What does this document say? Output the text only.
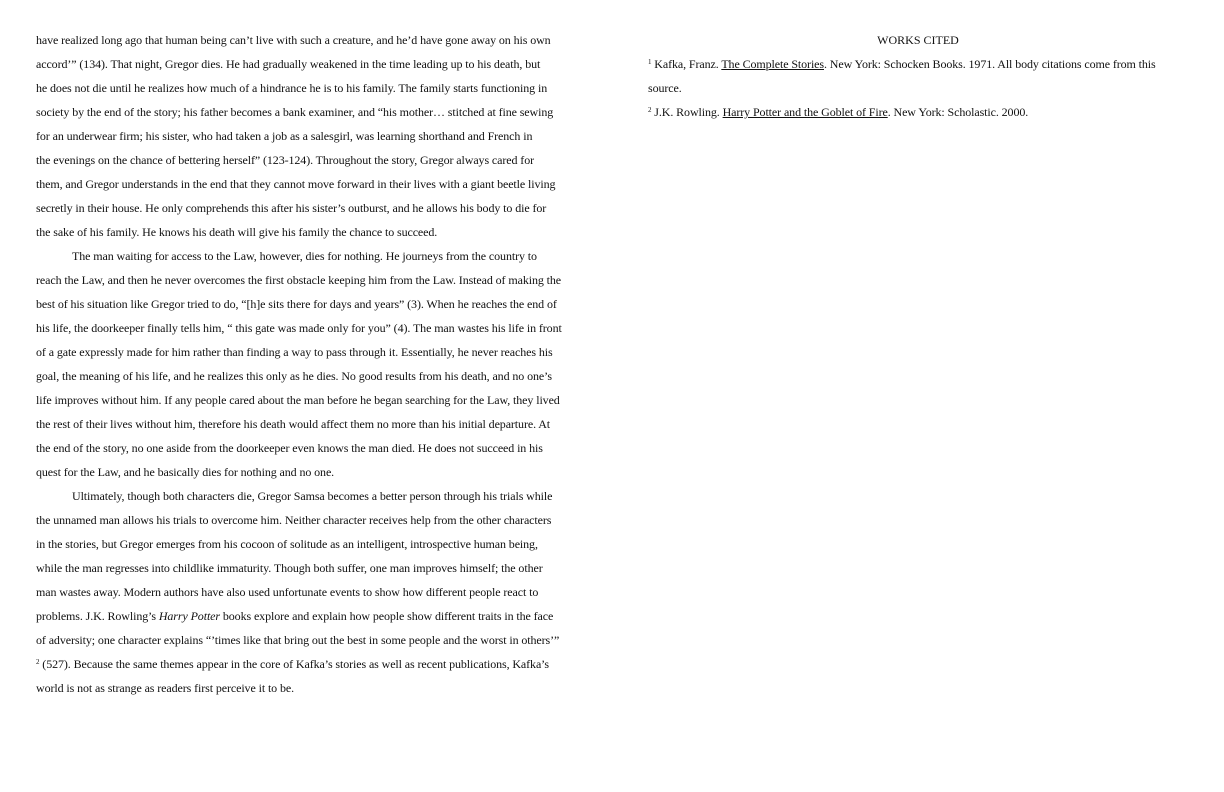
have realized long ago that human being can’t live with such a creature, and he’d have gone away on his own
accord’” (134). That night, Gregor dies. He had gradually weakened in the time leading up to his death, but
he does not die until he realizes how much of a hindrance he is to his family. The family starts functioning in
society by the end of the story; his father becomes a bank examiner, and “his mother… stitched at fine sewing
for an underwear firm; his sister, who had taken a job as a salesgirl, was learning shorthand and French in
the evenings on the chance of bettering herself” (123-124). Throughout the story, Gregor always cared for
them, and Gregor understands in the end that they cannot move forward in their lives with a giant beetle living
secretly in their house. He only comprehends this after his sister’s outburst, and he allows his body to die for
the sake of his family. He knows his death will give his family the chance to succeed.
The man waiting for access to the Law, however, dies for nothing. He journeys from the country to
reach the Law, and then he never overcomes the first obstacle keeping him from the Law. Instead of making the
best of his situation like Gregor tried to do, “[h]e sits there for days and years” (3). When he reaches the end of
his life, the doorkeeper finally tells him, “ this gate was made only for you” (4). The man wastes his life in front
of a gate expressly made for him rather than finding a way to pass through it. Essentially, he never reaches his
goal, the meaning of his life, and he realizes this only as he dies. No good results from his death, and no one’s
life improves without him. If any people cared about the man before he began searching for the Law, they lived
the rest of their lives without him, therefore his death would affect them no more than his initial departure. At
the end of the story, no one aside from the doorkeeper even knows the man died. He does not succeed in his
quest for the Law, and he basically dies for nothing and no one.
Ultimately, though both characters die, Gregor Samsa becomes a better person through his trials while
the unnamed man allows his trials to overcome him. Neither character receives help from the other characters
in the stories, but Gregor emerges from his cocoon of solitude as an intelligent, introspective human being,
while the man regresses into childlike immaturity. Though both suffer, one man improves himself; the other
man wastes away. Modern authors have also used unfortunate events to show how different people react to
problems. J.K. Rowling’s Harry Potter books explore and explain how people show different traits in the face
of adversity; one character explains “’times like that bring out the best in some people and the worst in others’”
$^2$ (527). Because the same themes appear in the core of Kafka’s stories as well as recent publications, Kafka’s
world is not as strange as readers first perceive it to be.
WORKS CITED
$^1$ Kafka, Franz. The Complete Stories. New York: Schocken Books. 1971. All body citations come from this
source.
$^2$ J.K. Rowling. Harry Potter and the Goblet of Fire. New York: Scholastic. 2000.
